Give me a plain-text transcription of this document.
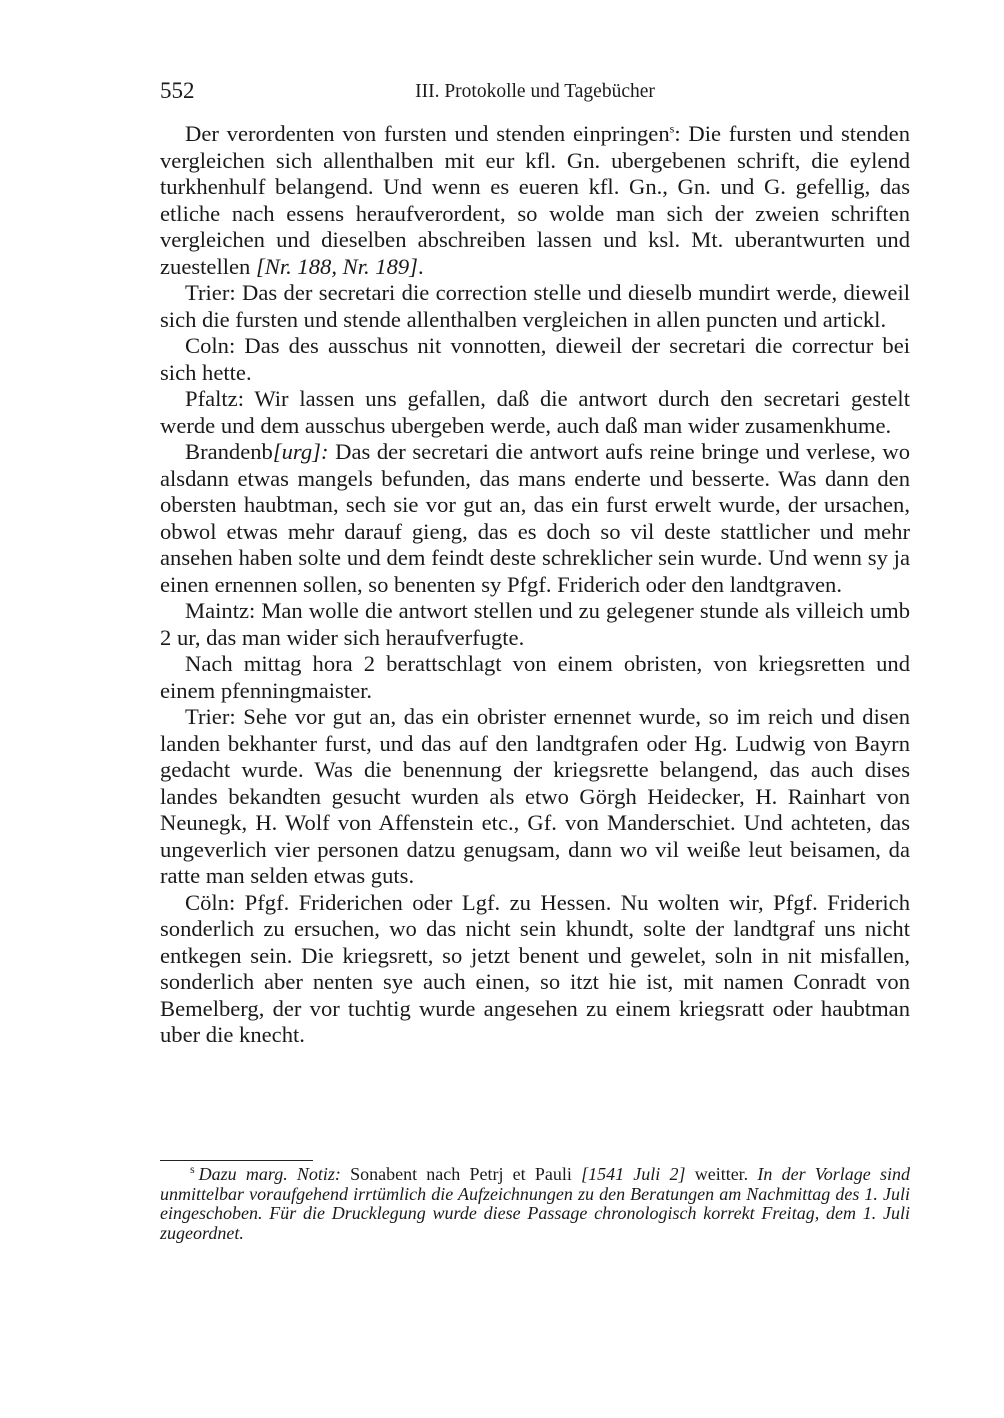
552	III. Protokolle und Tagebücher

Der verordenten von fursten und stenden einpringen$^s$: Die fursten und stenden vergleichen sich allenthalben mit eur kfl. Gn. ubergebenen schrift, die eylend turkhenhulf belangend. Und wenn es eueren kfl. Gn., Gn. und G. gefellig, das etliche nach essens heraufverordent, so wolde man sich der zweien schriften vergleichen und dieselben abschreiben lassen und ksl. Mt. uberantwurten und zuestellen [Nr. 188, Nr. 189].

Trier: Das der secretari die correction stelle und dieselb mundirt werde, dieweil sich die fursten und stende allenthalben vergleichen in allen puncten und artickl.

Coln: Das des ausschus nit vonnotten, dieweil der secretari die correctur bei sich hette.

Pfaltz: Wir lassen uns gefallen, daß die antwort durch den secretari gestelt werde und dem ausschus ubergeben werde, auch daß man wider zusamenkhume.

Brandenb[urg]: Das der secretari die antwort aufs reine bringe und verlese, wo alsdann etwas mangels befunden, das mans enderte und besserte. Was dann den obersten haubtman, sech sie vor gut an, das ein furst erwelt wurde, der ursachen, obwol etwas mehr darauf gieng, das es doch so vil deste stattlicher und mehr ansehen haben solte und dem feindt deste schreklicher sein wurde. Und wenn sy ja einen ernennen sollen, so benenten sy Pfgf. Friderich oder den landtgraven.

Maintz: Man wolle die antwort stellen und zu gelegener stunde als villeich umb 2 ur, das man wider sich heraufverfugte.

Nach mittag hora 2 berattschlagt von einem obristen, von kriegsretten und einem pfenningmaister.

Trier: Sehe vor gut an, das ein obrister ernennet wurde, so im reich und disen landen bekhanter furst, und das auf den landtgrafen oder Hg. Ludwig von Bayrn gedacht wurde. Was die benennung der kriegsrette belangend, das auch dises landes bekandten gesucht wurden als etwo Görgh Heidecker, H. Rainhart von Neunegk, H. Wolf von Affenstein etc., Gf. von Manderschiet. Und achteten, das ungeverlich vier personen datzu genugsam, dann wo vil weiße leut beisamen, da ratte man selden etwas guts.

Cöln: Pfgf. Friderichen oder Lgf. zu Hessen. Nu wolten wir, Pfgf. Friderich sonderlich zu ersuchen, wo das nicht sein khundt, solte der landtgraf uns nicht entkegen sein. Die kriegsrett, so jetzt benent und gewelet, soln in nit misfallen, sonderlich aber nenten sye auch einen, so itzt hie ist, mit namen Conradt von Bemelberg, der vor tuchtig wurde angesehen zu einem kriegsratt oder haubtman uber die knecht.

$^s$ Dazu marg. Notiz: Sonabent nach Petrj et Pauli [1541 Juli 2] weitter. In der Vorlage sind unmittelbar voraufgehend irrtümlich die Aufzeichnungen zu den Beratungen am Nachmittag des 1. Juli eingeschoben. Für die Drucklegung wurde diese Passage chronologisch korrekt Freitag, dem 1. Juli zugeordnet.
